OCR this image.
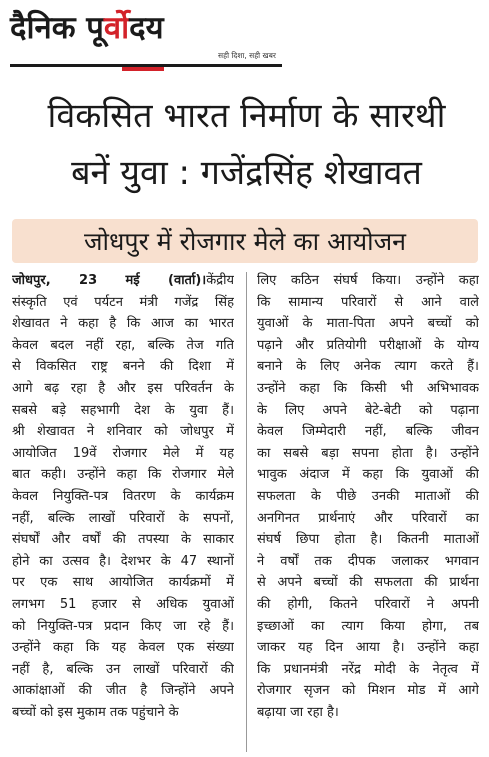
दैनिक पूर्वोदय
सही दिशा, सही खबर
विकसित भारत निर्माण के सारथी
बनें युवा : गजेंद्रसिंह शेखावत
जोधपुर में रोजगार मेले का आयोजन
जोधपुर, 23 मई (वार्ता)।केंद्रीय
संस्कृति एवं पर्यटन मंत्री गजेंद्र सिंह
शेखावत ने कहा है कि आज का भारत
केवल बदल नहीं रहा, बल्कि तेज गति
से विकसित राष्ट्र बनने की दिशा में
आगे बढ़ रहा है और इस परिवर्तन के
सबसे बड़े सहभागी देश के युवा हैं।
श्री शेखावत ने शनिवार को जोधपुर में
आयोजित 19वें रोजगार मेले में यह
बात कही। उन्होंने कहा कि रोजगार मेले
केवल नियुक्ति-पत्र वितरण के कार्यक्रम
नहीं, बल्कि लाखों परिवारों के सपनों,
संघर्षों और वर्षों की तपस्या के साकार
होने का उत्सव है। देशभर के 47 स्थानों
पर एक साथ आयोजित कार्यक्रमों में
लगभग 51 हजार से अधिक युवाओं
को नियुक्ति-पत्र प्रदान किए जा रहे हैं।
उन्होंने कहा कि यह केवल एक संख्या
नहीं है, बल्कि उन लाखों परिवारों की
आकांक्षाओं की जीत है जिन्होंने अपने
बच्चों को इस मुकाम तक पहुंचाने के
लिए कठिन संघर्ष किया। उन्होंने कहा
कि सामान्य परिवारों से आने वाले
युवाओं के माता-पिता अपने बच्चों को
पढ़ाने और प्रतियोगी परीक्षाओं के योग्य
बनाने के लिए अनेक त्याग करते हैं।
उन्होंने कहा कि किसी भी अभिभावक
के लिए अपने बेटे-बेटी को पढ़ाना
केवल जिम्मेदारी नहीं, बल्कि जीवन
का सबसे बड़ा सपना होता है। उन्होंने
भावुक अंदाज में कहा कि युवाओं की
सफलता के पीछे उनकी माताओं की
अनगिनत प्रार्थनाएं और परिवारों का
संघर्ष छिपा होता है। कितनी माताओं
ने वर्षों तक दीपक जलाकर भगवान
से अपने बच्चों की सफलता की प्रार्थना
की होगी, कितने परिवारों ने अपनी
इच्छाओं का त्याग किया होगा, तब
जाकर यह दिन आया है। उन्होंने कहा
कि प्रधानमंत्री नरेंद्र मोदी के नेतृत्व में
रोजगार सृजन को मिशन मोड में आगे
बढ़ाया जा रहा है।
